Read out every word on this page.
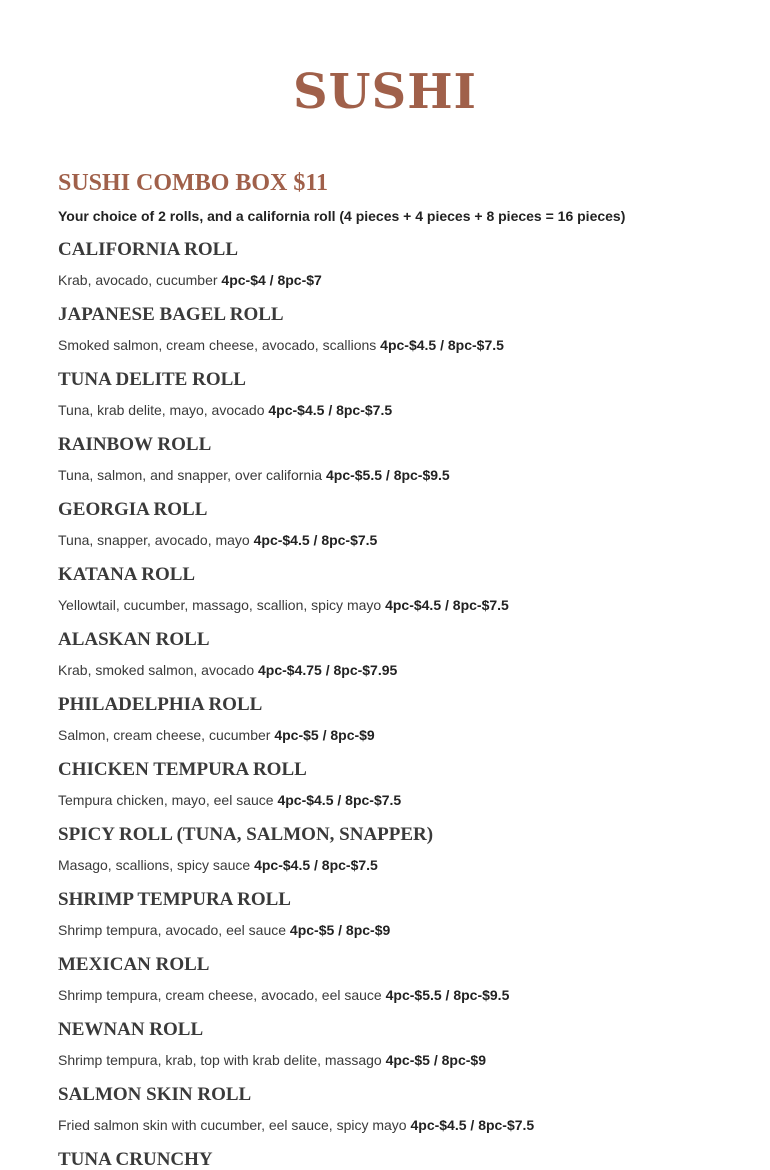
SUSHI
SUSHI COMBO BOX $11

Your choice of 2 rolls, and a california roll (4 pieces + 4 pieces + 8 pieces = 16 pieces)

CALIFORNIA ROLL
Krab, avocado, cucumber 4pc-$4 / 8pc-$7
JAPANESE BAGEL ROLL
Smoked salmon, cream cheese, avocado, scallions 4pc-$4.5 / 8pc-$7.5
TUNA DELITE ROLL
Tuna, krab delite, mayo, avocado 4pc-$4.5 / 8pc-$7.5
RAINBOW ROLL
Tuna, salmon, and snapper, over california 4pc-$5.5 / 8pc-$9.5
GEORGIA ROLL
Tuna, snapper, avocado, mayo 4pc-$4.5 / 8pc-$7.5
KATANA ROLL
Yellowtail, cucumber, massago, scallion, spicy mayo 4pc-$4.5 / 8pc-$7.5
ALASKAN ROLL
Krab, smoked salmon, avocado 4pc-$4.75 / 8pc-$7.95
PHILADELPHIA ROLL
Salmon, cream cheese, cucumber 4pc-$5 / 8pc-$9
CHICKEN TEMPURA ROLL
Tempura chicken, mayo, eel sauce 4pc-$4.5 / 8pc-$7.5
SPICY ROLL (TUNA, SALMON, SNAPPER)
Masago, scallions, spicy sauce 4pc-$4.5 / 8pc-$7.5
SHRIMP TEMPURA ROLL
Shrimp tempura, avocado, eel sauce 4pc-$5 / 8pc-$9
MEXICAN ROLL
Shrimp tempura, cream cheese, avocado, eel sauce 4pc-$5.5 / 8pc-$9.5
NEWNAN ROLL
Shrimp tempura, krab, top with krab delite, massago 4pc-$5 / 8pc-$9
SALMON SKIN ROLL
Fried salmon skin with cucumber, eel sauce, spicy mayo 4pc-$4.5 / 8pc-$7.5
TUNA CRUNCHY
